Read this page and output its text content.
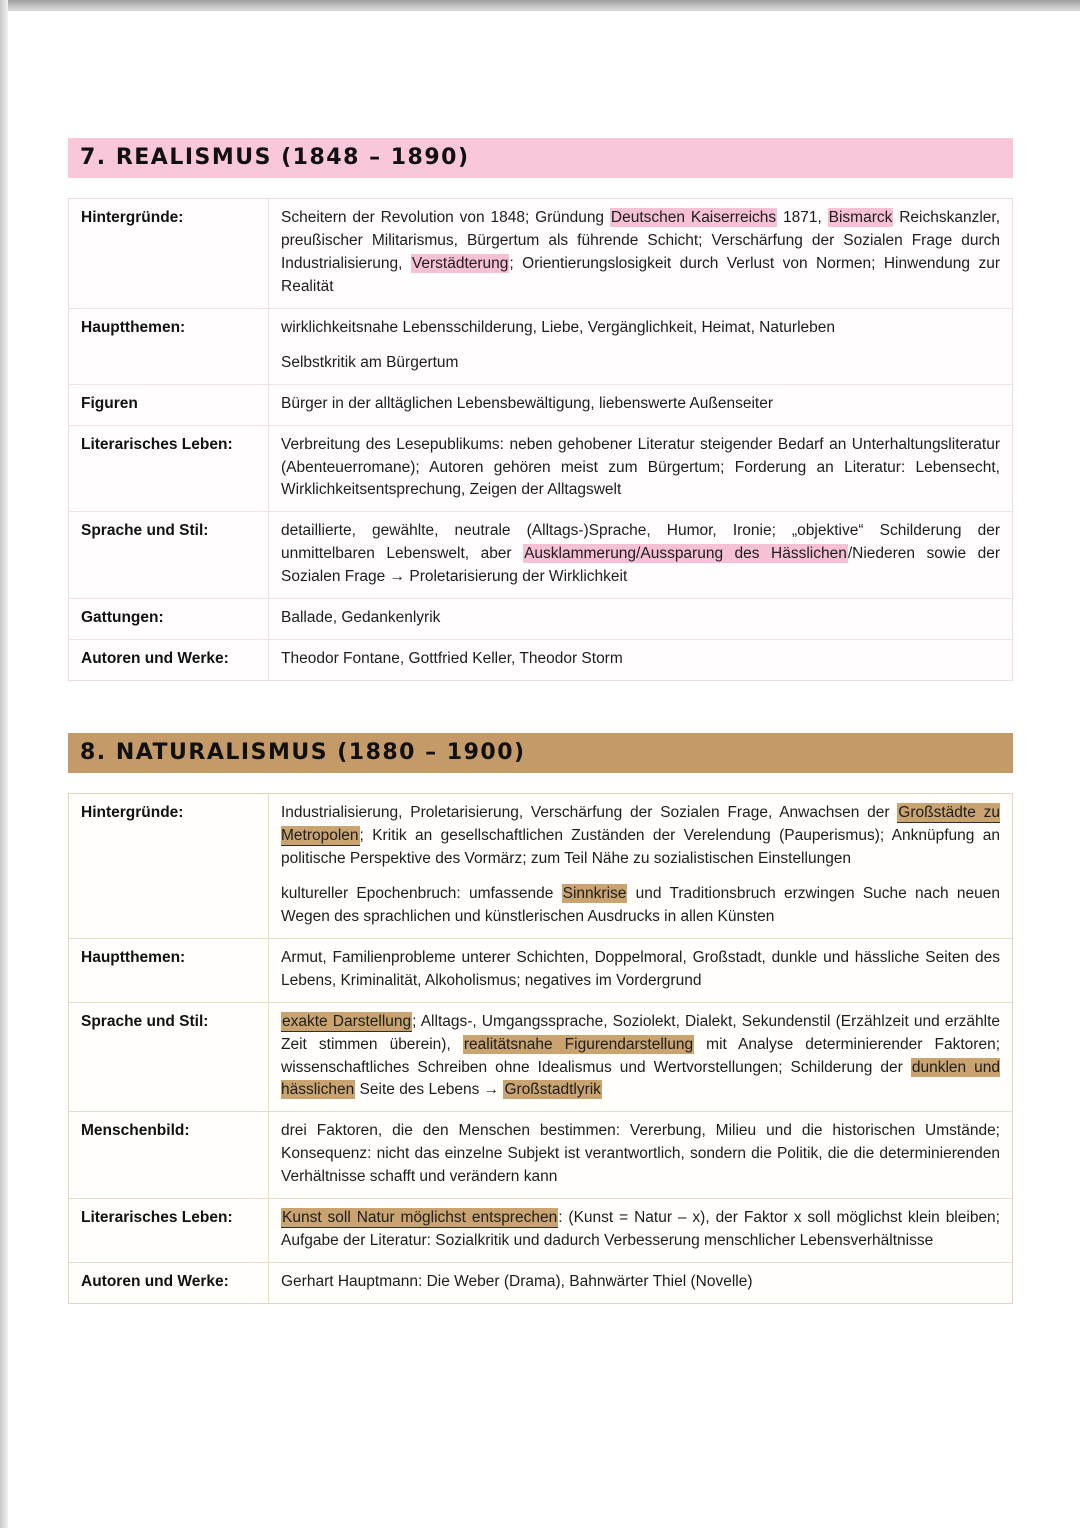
7. REALISMUS (1848 – 1890)
Hintergründe:	Scheitern der Revolution von 1848; Gründung Deutschen Kaiserreichs 1871, Bismarck Reichskanzler, preußischer Militarismus, Bürgertum als führende Schicht; Verschärfung der Sozialen Frage durch Industrialisierung, Verstädterung; Orientierungslosigkeit durch Verlust von Normen; Hinwendung zur Realität

Hauptthemen:	wirklichkeitsnahe Lebensschilderung, Liebe, Vergänglichkeit, Heimat, Naturleben

Selbstkritik am Bürgertum

Figuren	Bürger in der alltäglichen Lebensbewältigung, liebenswerte Außenseiter

Literarisches Leben:	Verbreitung des Lesepublikums: neben gehobener Literatur steigender Bedarf an Unterhaltungsliteratur (Abenteuerromane); Autoren gehören meist zum Bürgertum; Forderung an Literatur: Lebensecht, Wirklichkeitsentsprechung, Zeigen der Alltagswelt

Sprache und Stil:	detaillierte, gewählte, neutrale (Alltags-)Sprache, Humor, Ironie; „objektive“ Schilderung der unmittelbaren Lebenswelt, aber Ausklammerung/Aussparung des Hässlichen/Niederen sowie der Sozialen Frage → Proletarisierung der Wirklichkeit

Gattungen:	Ballade, Gedankenlyrik

Autoren und Werke:	Theodor Fontane, Gottfried Keller, Theodor Storm

8. NATURALISMUS (1880 – 1900)
Hintergründe:	Industrialisierung, Proletarisierung, Verschärfung der Sozialen Frage, Anwachsen der Großstädte zu Metropolen; Kritik an gesellschaftlichen Zuständen der Verelendung (Pauperismus); Anknüpfung an politische Perspektive des Vormärz; zum Teil Nähe zu sozialistischen Einstellungen

kultureller Epochenbruch: umfassende Sinnkrise und Traditionsbruch erzwingen Suche nach neuen Wegen des sprachlichen und künstlerischen Ausdrucks in allen Künsten

Hauptthemen:	Armut, Familienprobleme unterer Schichten, Doppelmoral, Großstadt, dunkle und hässliche Seiten des Lebens, Kriminalität, Alkoholismus; negatives im Vordergrund

Sprache und Stil:	exakte Darstellung; Alltags-, Umgangssprache, Soziolekt, Dialekt, Sekundenstil (Erzählzeit und erzählte Zeit stimmen überein), realitätsnahe Figurendarstellung mit Analyse determinierender Faktoren; wissenschaftliches Schreiben ohne Idealismus und Wertvorstellungen; Schilderung der dunklen und hässlichen Seite des Lebens → Großstadtlyrik

Menschenbild:	drei Faktoren, die den Menschen bestimmen: Vererbung, Milieu und die historischen Umstände; Konsequenz: nicht das einzelne Subjekt ist verantwortlich, sondern die Politik, die die determinierenden Verhältnisse schafft und verändern kann

Literarisches Leben:	Kunst soll Natur möglichst entsprechen: (Kunst = Natur – x), der Faktor x soll möglichst klein bleiben; Aufgabe der Literatur: Sozialkritik und dadurch Verbesserung menschlicher Lebensverhältnisse

Autoren und Werke:	Gerhart Hauptmann: Die Weber (Drama), Bahnwärter Thiel (Novelle)
